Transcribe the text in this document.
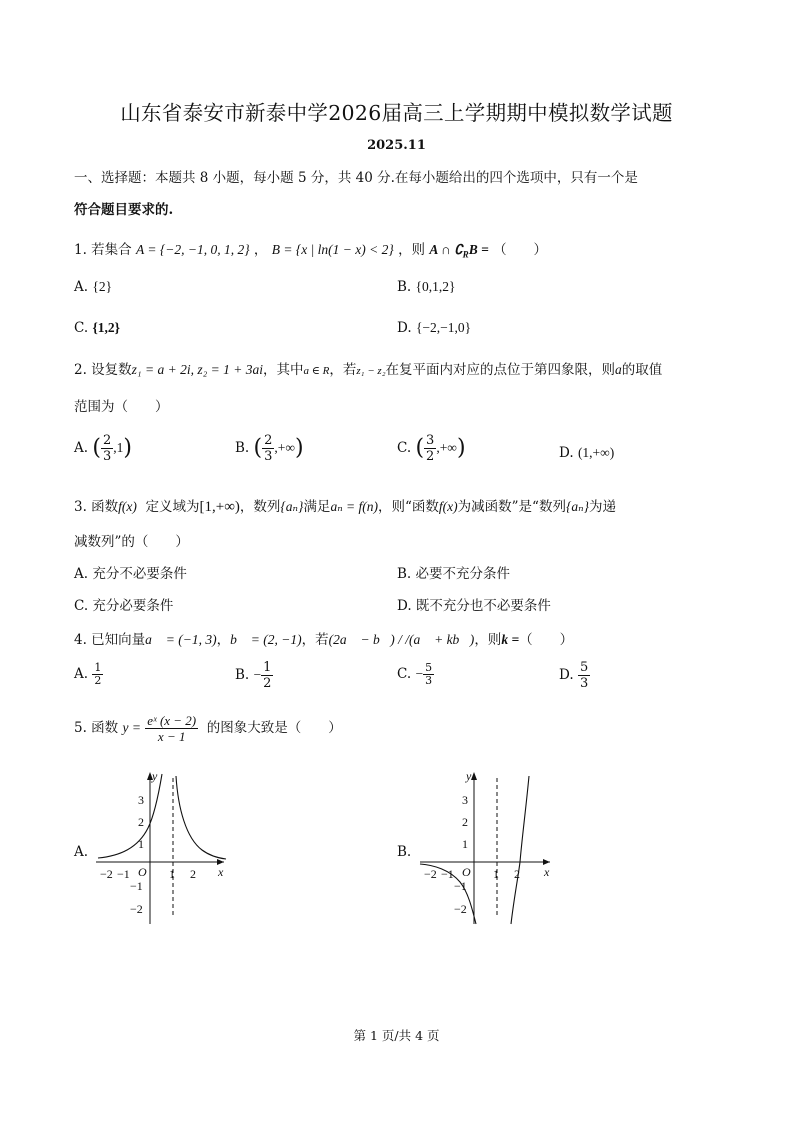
山东省泰安市新泰中学2026届高三上学期期中模拟数学试题
2025.11
一、选择题：本题共 8 小题，每小题 5 分，共 40 分.在每小题给出的四个选项中，只有一个是
符合题目要求的.
1. 若集合 A = {−2, −1, 0, 1, 2} ， B = {x | ln(1 − x) < 2} ，则 A ∩ $∁_RB$ = （　　）
A. {2}	B. {0,1,2}
C. {1,2}	D. {−2,−1,0}
2. 设复数z₁ = a + 2i, z₂ = 1 + 3ai，其中a ∈ R，若z₁ − z₂在复平面内对应的点位于第四象限，则a的取值
范围为（　　）
A. ( $\frac{2}{3} ,1$)	B. ( $\frac{2}{3}$ ,+∞)	C. ( $\frac{3}{2}$ ,+∞)	D. (1,+∞)
3. 函数f(x) 定义域为[1,+∞)，数列{aₙ}满足aₙ = f(n)，则“函数f(x)为减函数”是“数列{aₙ}为递
减数列”的（　　）
A. 充分不必要条件	B. 必要不充分条件
C. 充分必要条件	D. 既不充分也不必要条件
4. 已知向量a⃗ = (−1, 3)，b⃗ = (2, −1)，若(2a⃗ − b⃗) / /(a⃗ + kb⃗)，则k =（　　）
A. $\frac{1}{2}$	B. − $\frac{1}{2}$	C. − $\frac{5}{3}$	D. $\frac{5}{3}$
5. 函数 $y = \frac{\text{eˣ (x − 2)}}{x - 1}$ 的图象大致是（　　）
A.	B.
y
x
3
2
1
−1
−2
−2 −1 O 1 2
y
x
3
2
1
−1
−2
−2 −1 O 1 2
第 1 页/共 4 页
